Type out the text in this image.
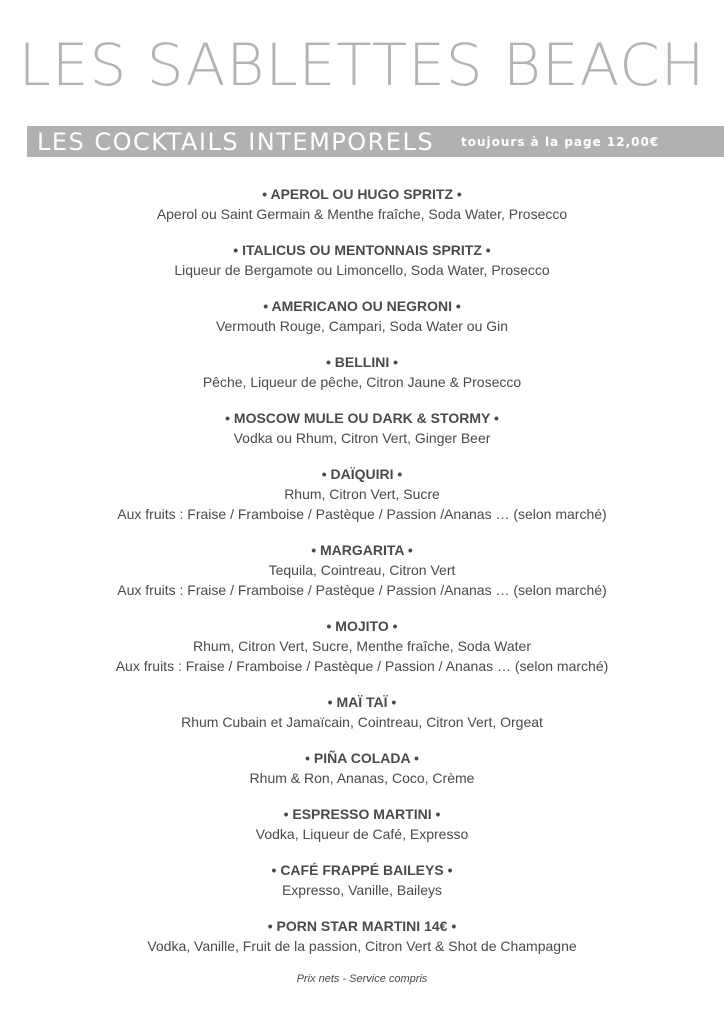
LES SABLETTES BEACH
LES COCKTAILS INTEMPORELS toujours à la page 12,00€
• APEROL OU HUGO SPRITZ •
Aperol ou Saint Germain & Menthe fraîche, Soda Water, Prosecco
• ITALICUS OU MENTONNAIS SPRITZ •
Liqueur de Bergamote ou Limoncello, Soda Water, Prosecco
• AMERICANO OU NEGRONI •
Vermouth Rouge, Campari, Soda Water ou Gin
• BELLINI •
Pêche, Liqueur de pêche, Citron Jaune & Prosecco
• MOSCOW MULE OU DARK & STORMY •
Vodka ou Rhum, Citron Vert, Ginger Beer
• DAÏQUIRI •
Rhum, Citron Vert, Sucre
Aux fruits : Fraise / Framboise / Pastèque / Passion /Ananas … (selon marché)
• MARGARITA •
Tequila, Cointreau, Citron Vert
Aux fruits : Fraise / Framboise / Pastèque / Passion /Ananas … (selon marché)
• MOJITO •
Rhum, Citron Vert, Sucre, Menthe fraîche, Soda Water
Aux fruits : Fraise / Framboise / Pastèque / Passion / Ananas … (selon marché)
• MAÏ TAÏ •
Rhum Cubain et Jamaïcain, Cointreau, Citron Vert, Orgeat
• PIÑA COLADA •
Rhum & Ron, Ananas, Coco, Crème
• ESPRESSO MARTINI •
Vodka, Liqueur de Café, Expresso
• CAFÉ FRAPPÉ BAILEYS •
Expresso, Vanille, Baileys
• PORN STAR MARTINI 14€ •
Vodka, Vanille, Fruit de la passion, Citron Vert & Shot de Champagne
Prix nets - Service compris
